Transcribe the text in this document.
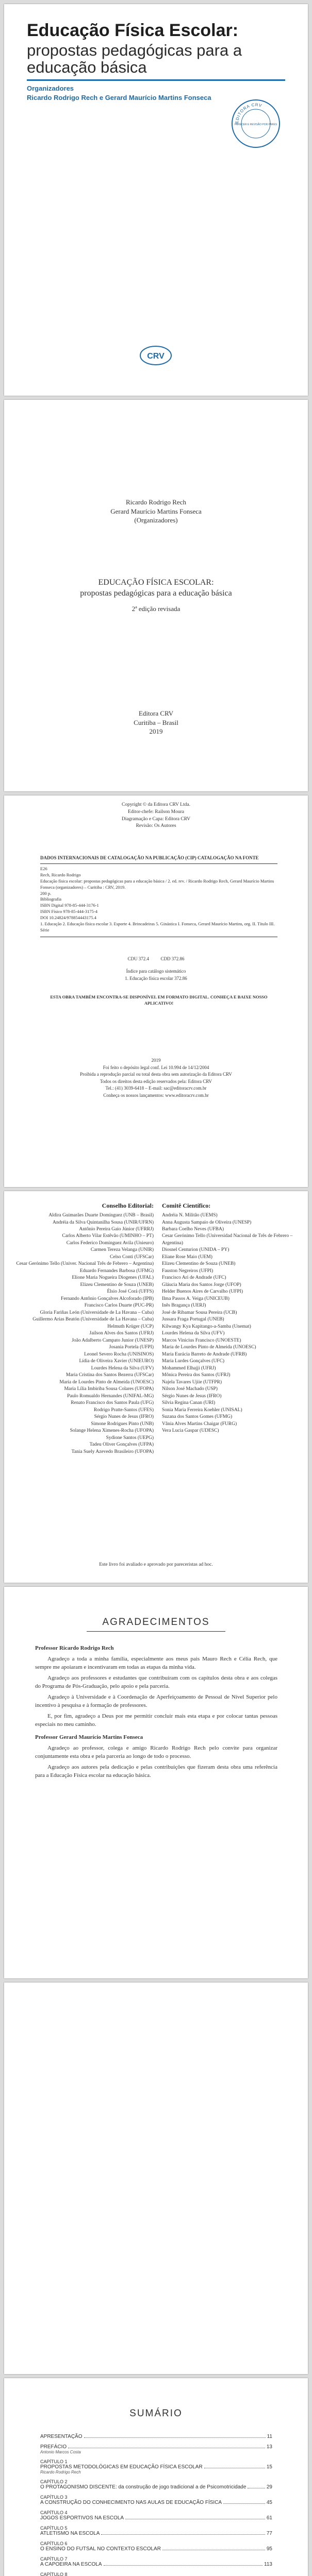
Educação Física Escolar:
propostas pedagógicas para a educação básica
Organizadores
Ricardo Rodrigo Rech e Gerard Maurício Martins Fonseca
EDITORA CRV
PARECER E REVISÃO POR PARES
CRV
Ricardo Rodrigo Rech
Gerard Maurício Martins Fonseca
(Organizadores)
EDUCAÇÃO FÍSICA ESCOLAR:
propostas pedagógicas para a educação básica
2ª edição revisada
Editora CRV
Curitiba – Brasil
2019
Copyright © da Editora CRV Ltda.
Editor-chefe: Railson Moura
Diagramação e Capa: Editora CRV
Revisão: Os Autores
DADOS INTERNACIONAIS DE CATALOGAÇÃO NA PUBLICAÇÃO (CIP) CATALOGAÇÃO NA FONTE
E26
Rech, Ricardo Rodrigo
Educação física escolar: propostas pedagógicas para a educação básica / 2. ed. rev. / Ricardo Rodrigo Rech, Gerard Maurício Martins Fonseca (organizadores) – Curitiba : CRV, 2019.
200 p.
Bibliografia
ISBN Digital 978-85-444-3176-1
ISBN Físico 978-85-444-3175-4
DOI 10.24824/978854443175.4
1. Educação 2. Educação física escolar 3. Esporte 4. Brincadeiras 5. Ginástica I. Fonseca, Gerard Maurício Martins, org. II. Título III. Série
CDU 372.4	CDD 372.86
Índice para catálogo sistemático
1. Educação física escolar 372.86
ESTA OBRA TAMBÉM ENCONTRA-SE DISPONÍVEL EM FORMATO DIGITAL. CONHEÇA E BAIXE NOSSO APLICATIVO!
2019
Foi feito o depósito legal conf. Lei 10.994 de 14/12/2004
Proibida a reprodução parcial ou total desta obra sem autorização da Editora CRV
Todos os direitos desta edição reservados pela: Editora CRV
Tel.: (41) 3039-6418 – E-mail: sac@editoracrv.com.br
Conheça os nossos lançamentos: www.editoracrv.com.br
Conselho Editorial:
Aldira Guimarães Duarte Domínguez (UNB – Brasil)
Andréia da Silva Quintanilha Sousa (UNIR/UFRN)
Antônio Pereira Gaio Júnior (UFRRJ)
Carlos Alberto Vilar Estêvão (UMINHO – PT)
Carlos Federico Dominguez Avila (Unieuro)
Carmen Tereza Velanga (UNIR)
Celso Conti (UFSCar)
Cesar Gerónimo Tello (Univer. Nacional Três de Febrero – Argentina)
Eduardo Fernandes Barbosa (UFMG)
Elione Maria Nogueira Diogenes (UFAL)
Elizeu Clementino de Souza (UNEB)
Élsio José Corá (UFFS)
Fernando Antônio Gonçalves Alcoforado (IPB)
Francisco Carlos Duarte (PUC-PR)
Gloria Fariñas León (Universidade de La Havana – Cuba)
Guillermo Arias Beatón (Universidade de La Havana – Cuba)
Helmuth Krüger (UCP)
Jailson Alves dos Santos (UFRJ)
João Adalberto Campato Junior (UNESP)
Josania Portela (UFPI)
Leonel Severo Rocha (UNISINOS)
Lídia de Oliveira Xavier (UNIEURO)
Lourdes Helena da Silva (UFV)
Maria Cristina dos Santos Bezerra (UFSCar)
Maria de Lourdes Pinto de Almeida (UNOESC)
Maria Lília Imbiriba Sousa Colares (UFOPA)
Paulo Romualdo Hernandes (UNIFAL-MG)
Renato Francisco dos Santos Paula (UFG)
Rodrigo Pratte-Santos (UFES)
Sérgio Nunes de Jesus (IFRO)
Simone Rodrigues Pinto (UNB)
Solange Helena Ximenes-Rocha (UFOPA)
Sydione Santos (UEPG)
Tadeu Oliver Gonçalves (UFPA)
Tania Suely Azevedo Brasileiro (UFOPA)
Comitê Científico:
Andréia N. Militão (UEMS)
Anna Augusta Sampaio de Oliveira (UNESP)
Barbara Coelho Neves (UFBA)
Cesar Gerónimo Tello (Universidad Nacional de Três de Febrero – Argentina)
Diosnel Centurion (UNIDA – PY)
Eliane Rose Maio (UEM)
Elizeu Clementino de Souza (UNEB)
Fauston Negreiros (UFPI)
Francisco Ari de Andrade (UFC)
Gláucia Maria dos Santos Jorge (UFOP)
Helder Buenos Aires de Carvalho (UFPI)
Ilma Passos A. Veiga (UNICEUB)
Inês Bragança (UERJ)
José de Ribamar Sousa Pereira (UCB)
Jussara Fraga Portugal (UNEB)
Kilwangy Kya Kapitango-a-Samba (Unemat)
Lourdes Helena da Silva (UFV)
Marcos Vinicius Francisco (UNOESTE)
Maria de Lourdes Pinto de Almeida (UNOESC)
Maria Eurácia Barreto de Andrade (UFRB)
Maria Lurdes Gonçalves (UFC)
Mohammed Elhajji (UFRJ)
Mônica Pereira dos Santos (UFRJ)
Najela Tavares Ujiie (UTFPR)
Nilson José Machado (USP)
Sérgio Nunes de Jesus (IFRO)
Silvia Regina Canan (URI)
Sonia Maria Ferreira Koehler (UNISAL)
Suzana dos Santos Gomes (UFMG)
Vânia Alves Martins Chaigar (FURG)
Vera Lucia Gaspar (UDESC)
Este livro foi avaliado e aprovado por pareceristas ad hoc.
AGRADECIMENTOS
Professor Ricardo Rodrigo Rech

Agradeço a toda a minha família, especialmente aos meus pais Mauro Rech e Célia Rech, que sempre me apoiaram e incentivaram em todas as etapas da minha vida.

Agradeço aos professores e estudantes que contribuíram com os capítulos desta obra e aos colegas do Programa de Pós-Graduação, pelo apoio e pela parceria.

Agradeço à Universidade e à Coordenação de Aperfeiçoamento de Pessoal de Nível Superior pelo incentivo à pesquisa e à formação de professores.

E, por fim, agradeço a Deus por me permitir concluir mais esta etapa e por colocar tantas pessoas especiais no meu caminho.

Professor Gerard Maurício Martins Fonseca

Agradeço ao professor, colega e amigo Ricardo Rodrigo Rech pelo convite para organizar conjuntamente esta obra e pela parceria ao longo de todo o processo.

Agradeço aos autores pela dedicação e pelas contribuições que fizeram desta obra uma referência para a Educação Física escolar na educação básica.

SUMÁRIO
APRESENTAÇÃO	11
PREFÁCIO	13
Antonio Marcos Costa
CAPÍTULO 1
PROPOSTAS METODOLÓGICAS EM EDUCAÇÃO FÍSICA ESCOLAR	15
Ricardo Rodrigo Rech
CAPÍTULO 2
O PROTAGONISMO DISCENTE: da construção de jogo tradicional a de Psicomotricidade	29
CAPÍTULO 3
A CONSTRUÇÃO DO CONHECIMENTO NAS AULAS DE EDUCAÇÃO FÍSICA	45
CAPÍTULO 4
JOGOS ESPORTIVOS NA ESCOLA	61
CAPÍTULO 5
ATLETISMO NA ESCOLA	77
CAPÍTULO 6
O ENSINO DO FUTSAL NO CONTEXTO ESCOLAR	95
CAPÍTULO 7
A CAPOEIRA NA ESCOLA	113
CAPÍTULO 8
